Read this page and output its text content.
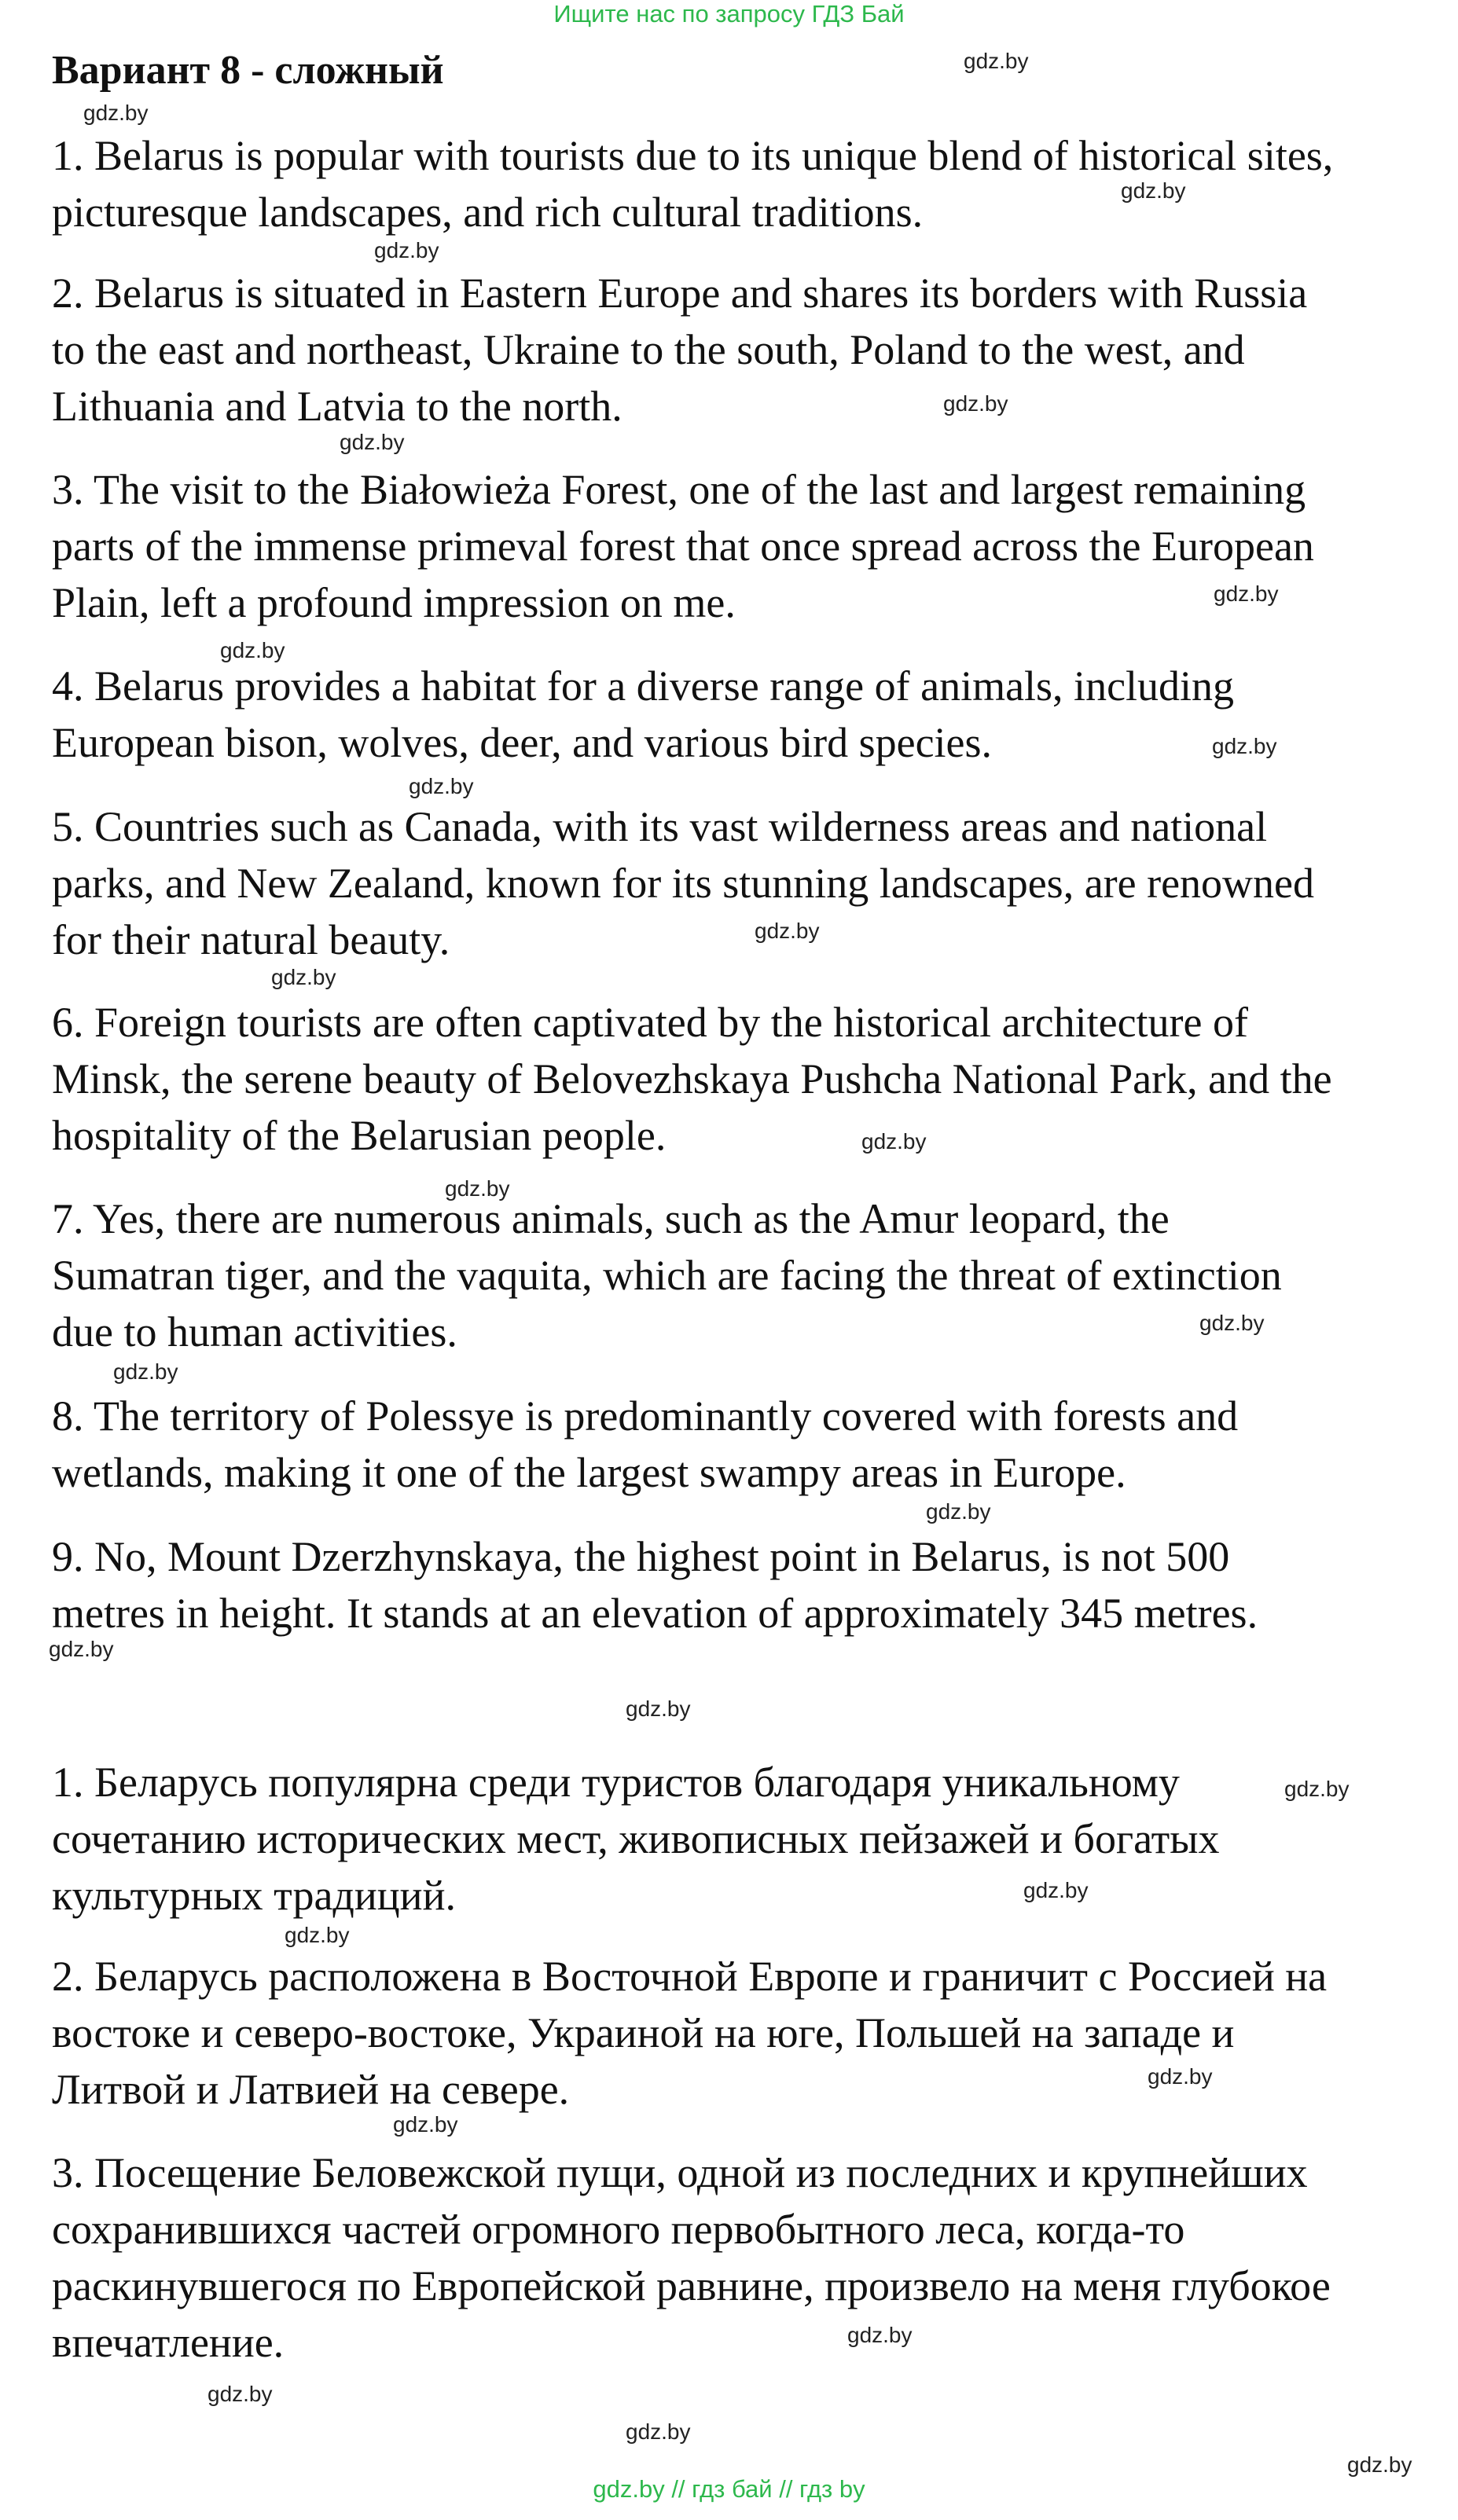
Ищите нас по запросу ГДЗ Бай
Вариант 8 - сложный

1. Belarus is popular with tourists due to its unique blend of historical sites,
picturesque landscapes, and rich cultural traditions.

2. Belarus is situated in Eastern Europe and shares its borders with Russia
to the east and northeast, Ukraine to the south, Poland to the west, and
Lithuania and Latvia to the north.

3. The visit to the Białowieża Forest, one of the last and largest remaining
parts of the immense primeval forest that once spread across the European
Plain, left a profound impression on me.

4. Belarus provides a habitat for a diverse range of animals, including
European bison, wolves, deer, and various bird species.

5. Countries such as Canada, with its vast wilderness areas and national
parks, and New Zealand, known for its stunning landscapes, are renowned
for their natural beauty.

6. Foreign tourists are often captivated by the historical architecture of
Minsk, the serene beauty of Belovezhskaya Pushcha National Park, and the
hospitality of the Belarusian people.

7. Yes, there are numerous animals, such as the Amur leopard, the
Sumatran tiger, and the vaquita, which are facing the threat of extinction
due to human activities.

8. The territory of Polessye is predominantly covered with forests and
wetlands, making it one of the largest swampy areas in Europe.

9. No, Mount Dzerzhynskaya, the highest point in Belarus, is not 500
metres in height. It stands at an elevation of approximately 345 metres.

1. Беларусь популярна среди туристов благодаря уникальному
сочетанию исторических мест, живописных пейзажей и богатых
культурных традиций.

2. Беларусь расположена в Восточной Европе и граничит с Россией на
востоке и северо-востоке, Украиной на юге, Польшей на западе и
Литвой и Латвией на севере.

3. Посещение Беловежской пущи, одной из последних и крупнейших
сохранившихся частей огромного первобытного леса, когда-то
раскинувшегося по Европейской равнине, произвело на меня глубокое
впечатление.

gdz.by
gdz.by
gdz.by
gdz.by
gdz.by
gdz.by
gdz.by
gdz.by
gdz.by
gdz.by
gdz.by
gdz.by
gdz.by
gdz.by
gdz.by
gdz.by
gdz.by
gdz.by
gdz.by
gdz.by
gdz.by
gdz.by
gdz.by
gdz.by
gdz.by
gdz.by
gdz.by
gdz.by
gdz.by // гдз бай // гдз by
